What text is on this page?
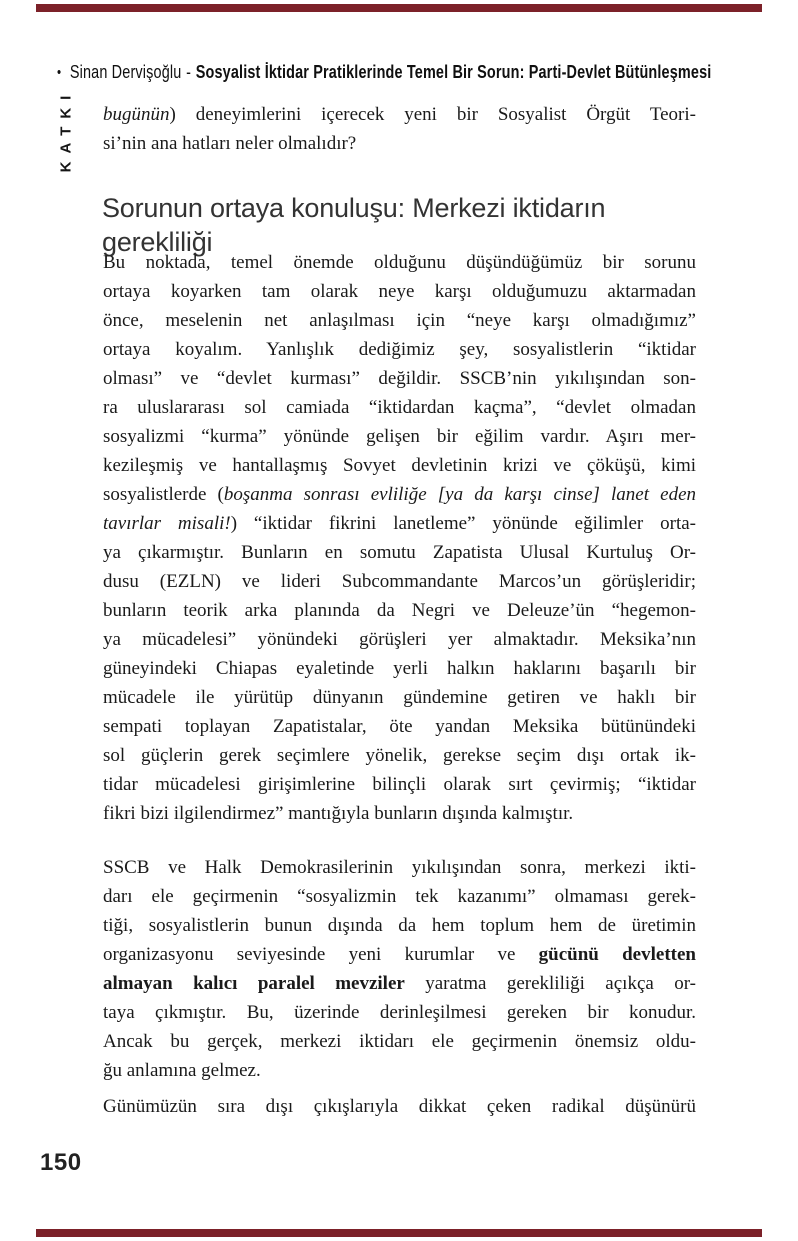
• Sinan Dervişoğlu - Sosyalist İktidar Pratiklerinde Temel Bir Sorun: Parti-Devlet Bütünleşmesi
KATKI
Sorunun ortaya konuluşu: Merkezi iktidarın
gerekliliği
bugünün) deneyimlerini içerecek yeni bir Sosyalist Örgüt Teori-
si’nin ana hatları neler olmalıdır?
Bu noktada, temel önemde olduğunu düşündüğümüz bir sorunu
ortaya koyarken tam olarak neye karşı olduğumuzu aktarmadan
önce, meselenin net anlaşılması için “neye karşı olmadığımız”
ortaya koyalım. Yanlışlık dediğimiz şey, sosyalistlerin “iktidar
olması” ve “devlet kurması” değildir. SSCB’nin yıkılışından son-
ra uluslararası sol camiada “iktidardan kaçma”, “devlet olmadan
sosyalizmi “kurma” yönünde gelişen bir eğilim vardır. Aşırı mer-
kezileşmiş ve hantallaşmış Sovyet devletinin krizi ve çöküşü, kimi
sosyalistlerde (boşanma sonrası evliliğe [ya da karşı cinse] lanet eden
tavırlar misali!) “iktidar fikrini lanetleme” yönünde eğilimler orta-
ya çıkarmıştır. Bunların en somutu Zapatista Ulusal Kurtuluş Or-
dusu (EZLN) ve lideri Subcommandante Marcos’un görüşleridir;
bunların teorik arka planında da Negri ve Deleuze’ün “hegemon-
ya mücadelesi” yönündeki görüşleri yer almaktadır. Meksika’nın
güneyindeki Chiapas eyaletinde yerli halkın haklarını başarılı bir
mücadele ile yürütüp dünyanın gündemine getiren ve haklı bir
sempati toplayan Zapatistalar, öte yandan Meksika bütünündeki
sol güçlerin gerek seçimlere yönelik, gerekse seçim dışı ortak ik-
tidar mücadelesi girişimlerine bilinçli olarak sırt çevirmiş; “iktidar
fikri bizi ilgilendirmez” mantığıyla bunların dışında kalmıştır.
SSCB ve Halk Demokrasilerinin yıkılışından sonra, merkezi ikti-
darı ele geçirmenin “sosyalizmin tek kazanımı” olmaması gerek-
tiği, sosyalistlerin bunun dışında da hem toplum hem de üretimin
organizasyonu seviyesinde yeni kurumlar ve gücünü devletten
almayan kalıcı paralel mevziler yaratma gerekliliği açıkça or-
taya çıkmıştır. Bu, üzerinde derinleşilmesi gereken bir konudur.
Ancak bu gerçek, merkezi iktidarı ele geçirmenin önemsiz oldu-
ğu anlamına gelmez.
Günümüzün sıra dışı çıkışlarıyla dikkat çeken radikal düşünürü
150
